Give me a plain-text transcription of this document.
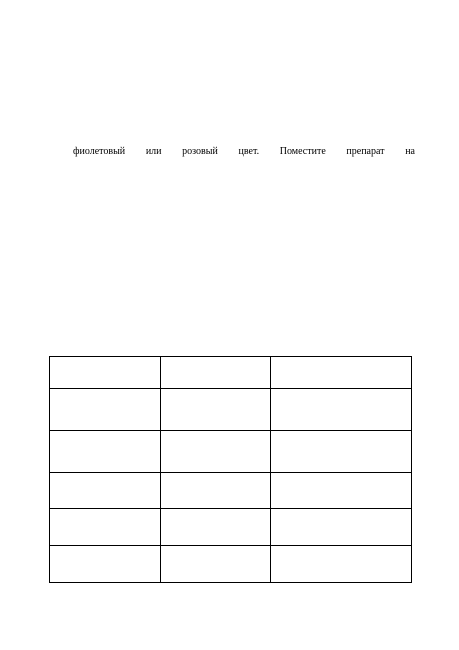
фиолетовый или розовый цвет. Поместите препарат на
